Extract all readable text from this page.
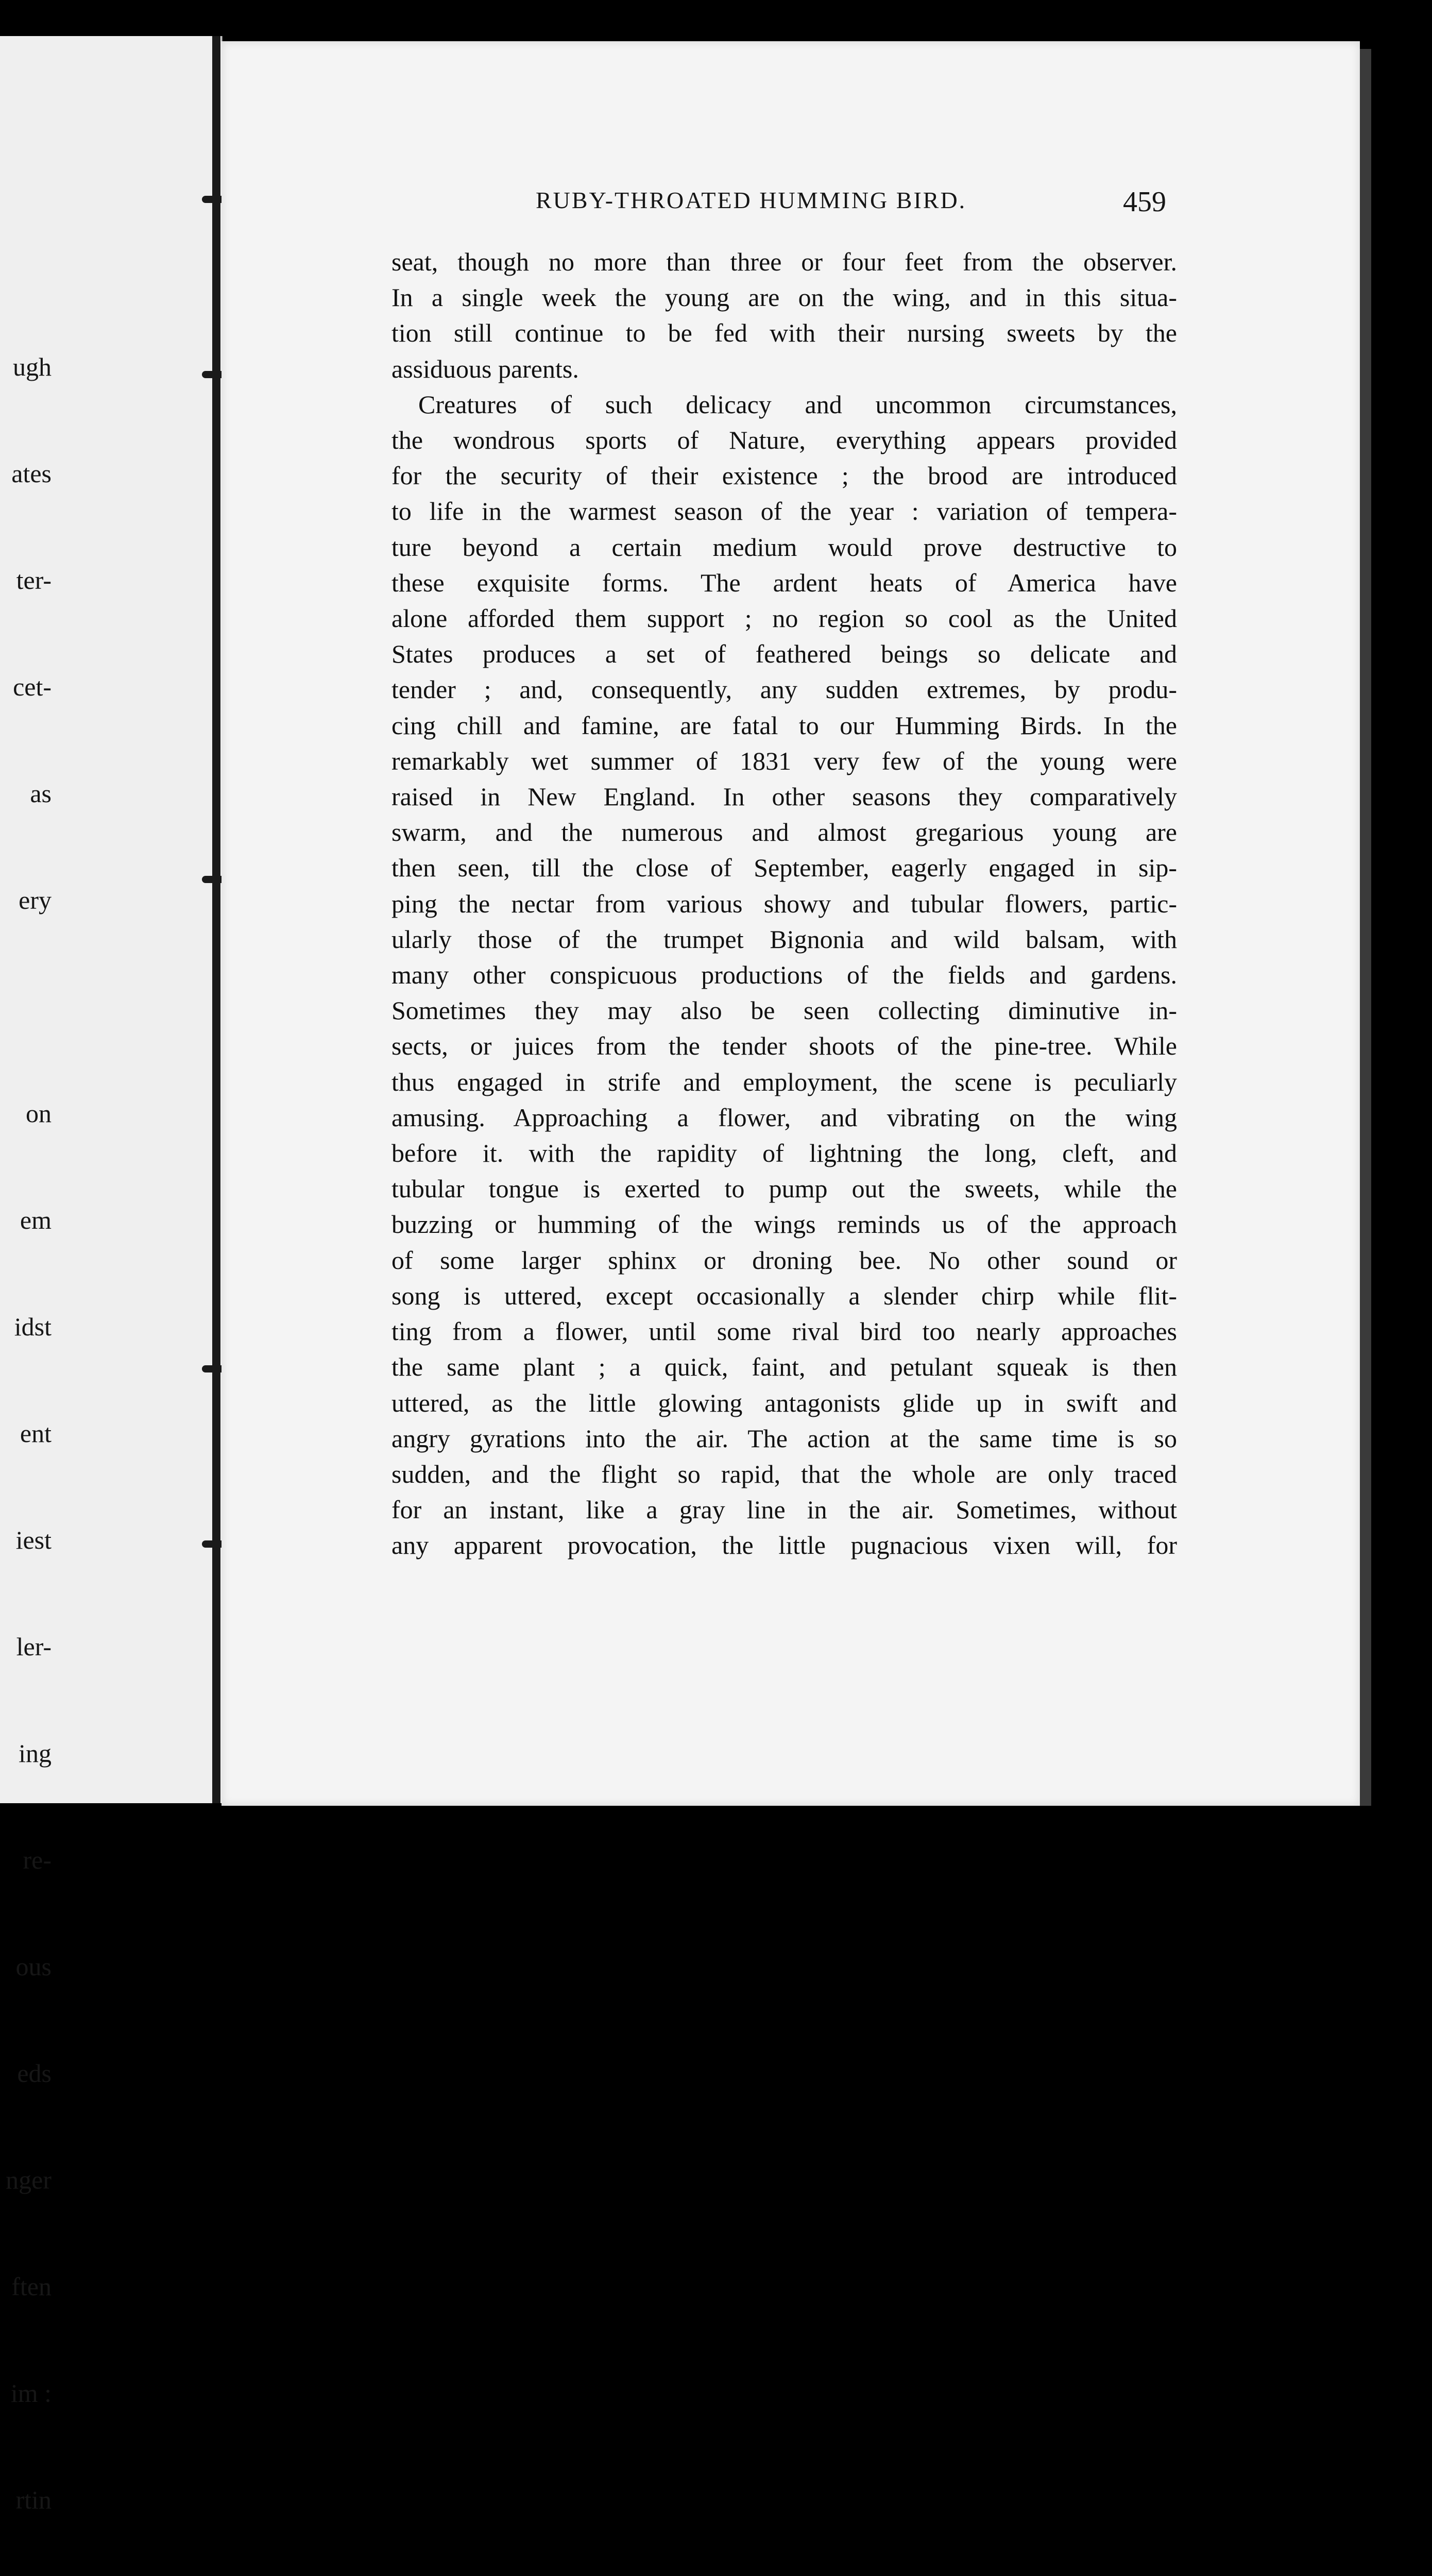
ugh

ates

ter-

cet-

as

ery

on

em

idst

ent

iest

ler-

ing

re-

ous

eds

nger

ften

im :

rtin

RUBY-THROATED HUMMING BIRD.	459
seat, though no more than three or four feet from the observer.
In a single week the young are on the wing, and in this situa-
tion still continue to be fed with their nursing sweets by the
assiduous parents.
Creatures of such delicacy and uncommon circumstances,
the wondrous sports of Nature, everything appears provided
for the security of their existence ; the brood are introduced
to life in the warmest season of the year : variation of tempera-
ture beyond a certain medium would prove destructive to
these exquisite forms. The ardent heats of America have
alone afforded them support ; no region so cool as the United
States produces a set of feathered beings so delicate and
tender ; and, consequently, any sudden extremes, by produ-
cing chill and famine, are fatal to our Humming Birds. In the
remarkably wet summer of 1831 very few of the young were
raised in New England. In other seasons they comparatively
swarm, and the numerous and almost gregarious young are
then seen, till the close of September, eagerly engaged in sip-
ping the nectar from various showy and tubular flowers, partic-
ularly those of the trumpet Bignonia and wild balsam, with
many other conspicuous productions of the fields and gardens.
Sometimes they may also be seen collecting diminutive in-
sects, or juices from the tender shoots of the pine-tree. While
thus engaged in strife and employment, the scene is peculiarly
amusing. Approaching a flower, and vibrating on the wing
before it. with the rapidity of lightning the long, cleft, and
tubular tongue is exerted to pump out the sweets, while the
buzzing or humming of the wings reminds us of the approach
of some larger sphinx or droning bee. No other sound or
song is uttered, except occasionally a slender chirp while flit-
ting from a flower, until some rival bird too nearly approaches
the same plant ; a quick, faint, and petulant squeak is then
uttered, as the little glowing antagonists glide up in swift and
angry gyrations into the air. The action at the same time is so
sudden, and the flight so rapid, that the whole are only traced
for an instant, like a gray line in the air. Sometimes, without
any apparent provocation, the little pugnacious vixen will, for
